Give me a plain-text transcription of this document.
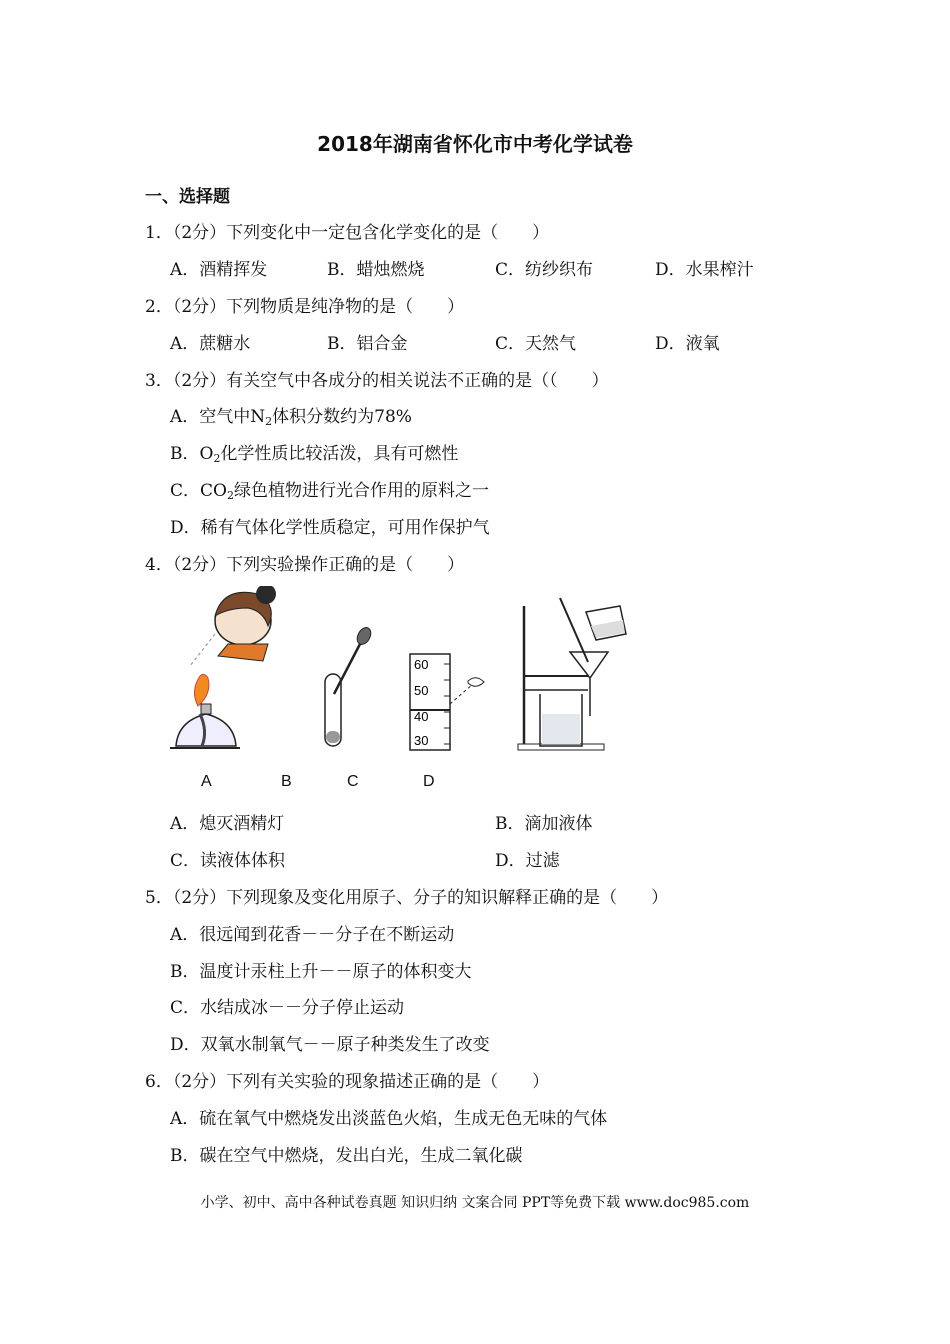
2018年湖南省怀化市中考化学试卷
一、选择题
1．（2分）下列变化中一定包含化学变化的是（　　）
A．酒精挥发	B．蜡烛燃烧	C．纺纱织布	D．水果榨汁
2．（2分）下列物质是纯净物的是（　　）
A．蔗糖水	B．铝合金	C．天然气	D．液氧
3．（2分）有关空气中各成分的相关说法不正确的是（（　　）
A．空气中$N_2$体积分数约为78%
B．$O_2$化学性质比较活泼，具有可燃性
C．$CO_2$绿色植物进行光合作用的原料之一
D．稀有气体化学性质稳定，可用作保护气
4．（2分）下列实验操作正确的是（　　）
60
50
40
30
A	B	C	D
A．熄灭酒精灯	B．滴加液体
C．读液体体积	D．过滤
5．（2分）下列现象及变化用原子、分子的知识解释正确的是（　　）
A．很远闻到花香－－分子在不断运动
B．温度计汞柱上升－－原子的体积变大
C．水结成冰－－分子停止运动
D．双氧水制氧气－－原子种类发生了改变
6．（2分）下列有关实验的现象描述正确的是（　　）
A．硫在氧气中燃烧发出淡蓝色火焰，生成无色无味的气体
B．碳在空气中燃烧，发出白光，生成二氧化碳
小学、初中、高中各种试卷真题 知识归纳 文案合同 PPT等免费下载 www.doc985.com
